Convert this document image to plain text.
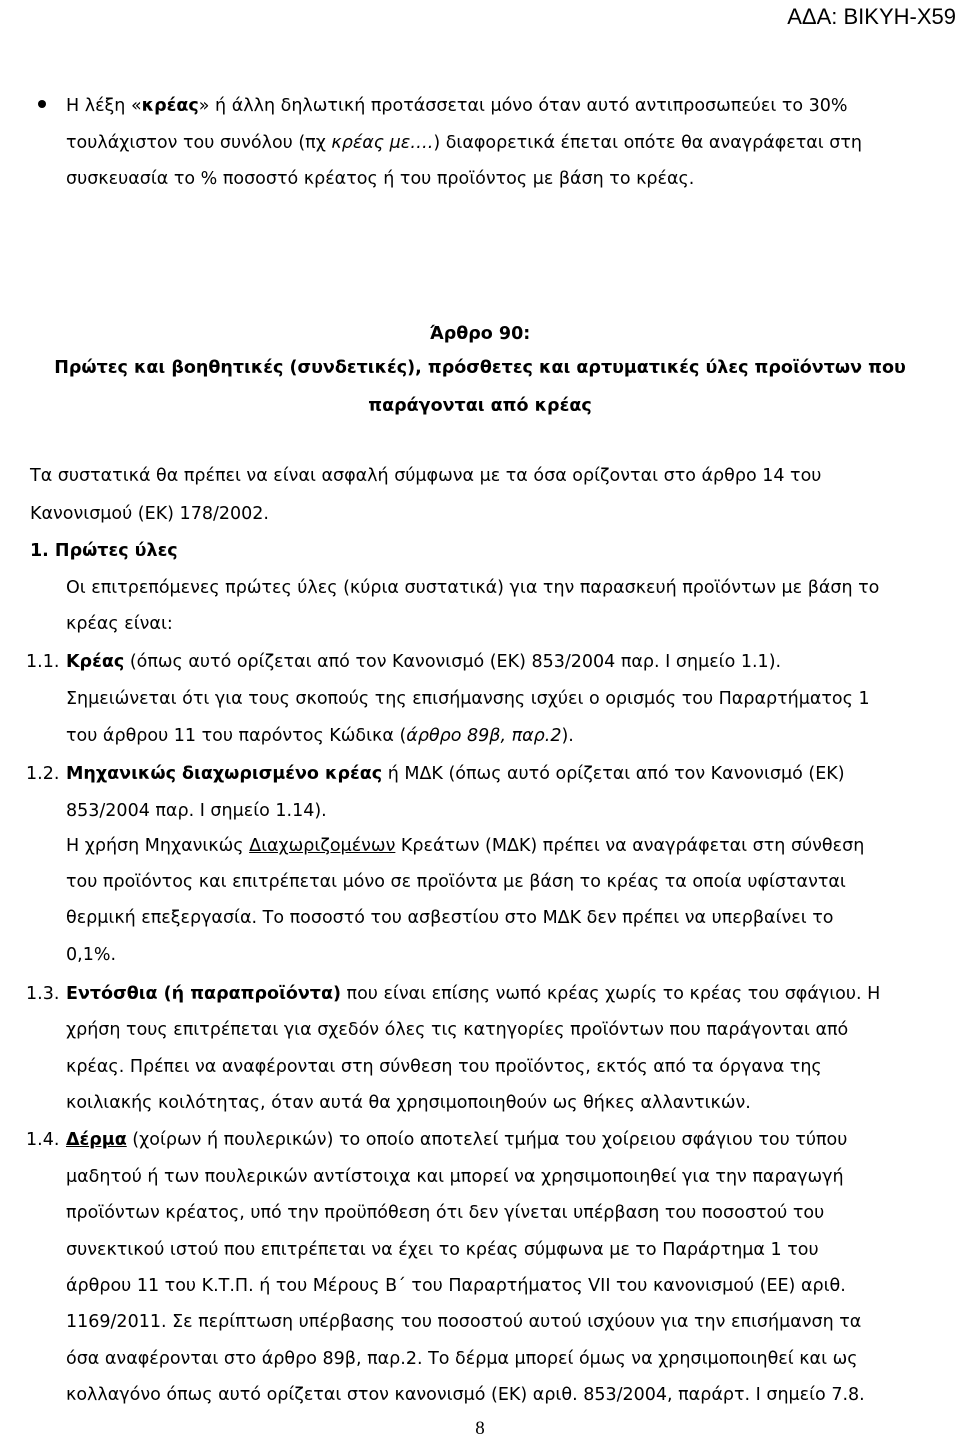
ΑΔΑ: ΒΙΚΥΗ-Χ59
Η λέξη «κρέας» ή άλλη δηλωτική προτάσσεται μόνο όταν αυτό αντιπροσωπεύει το 30%
τουλάχιστον του συνόλου (πχ κρέας με….) διαφορετικά έπεται οπότε θα αναγράφεται στη
συσκευασία το % ποσοστό κρέατος ή του προϊόντος με βάση το κρέας.
Άρθρο 90:
Πρώτες και βοηθητικές (συνδετικές), πρόσθετες και αρτυματικές ύλες προϊόντων που
παράγονται από κρέας
Τα συστατικά θα πρέπει να είναι ασφαλή σύμφωνα με τα όσα ορίζονται στο άρθρο 14 του
Κανονισμού (ΕΚ) 178/2002.
1. Πρώτες ύλες
Οι επιτρεπόμενες πρώτες ύλες (κύρια συστατικά) για την παρασκευή προϊόντων με βάση το
κρέας είναι:
1.1. Κρέας (όπως αυτό ορίζεται από τον Κανονισμό (ΕΚ) 853/2004 παρ. Ι σημείο 1.1).
Σημειώνεται ότι για τους σκοπούς της επισήμανσης ισχύει ο ορισμός του Παραρτήματος 1
του άρθρου 11 του παρόντος Κώδικα (άρθρο 89β, παρ.2).
1.2. Μηχανικώς διαχωρισμένο κρέας ή ΜΔΚ (όπως αυτό ορίζεται από τον Κανονισμό (ΕΚ)
853/2004 παρ. Ι σημείο 1.14).
Η χρήση Μηχανικώς Διαχωριζομένων Κρεάτων (ΜΔΚ) πρέπει να αναγράφεται στη σύνθεση
του προϊόντος και επιτρέπεται μόνο σε προϊόντα με βάση το κρέας τα οποία υφίστανται
θερμική επεξεργασία. Το ποσοστό του ασβεστίου στο ΜΔΚ δεν πρέπει να υπερβαίνει το
0,1%.
1.3. Εντόσθια (ή παραπροϊόντα) που είναι επίσης νωπό κρέας χωρίς το κρέας του σφάγιου. Η
χρήση τους επιτρέπεται για σχεδόν όλες τις κατηγορίες προϊόντων που παράγονται από
κρέας. Πρέπει να αναφέρονται στη σύνθεση του προϊόντος, εκτός από τα όργανα της
κοιλιακής κοιλότητας, όταν αυτά θα χρησιμοποιηθούν ως θήκες αλλαντικών.
1.4. Δέρμα (χοίρων ή πουλερικών) το οποίο αποτελεί τμήμα του χοίρειου σφάγιου του τύπου
μαδητού ή των πουλερικών αντίστοιχα και μπορεί να χρησιμοποιηθεί για την παραγωγή
προϊόντων κρέατος, υπό την προϋπόθεση ότι δεν γίνεται υπέρβαση του ποσοστού του
συνεκτικού ιστού που επιτρέπεται να έχει το κρέας σύμφωνα με το Παράρτημα 1 του
άρθρου 11 του Κ.Τ.Π. ή του Μέρους Β΄ του Παραρτήματος VII του κανονισμού (ΕΕ) αριθ.
1169/2011. Σε περίπτωση υπέρβασης του ποσοστού αυτού ισχύουν για την επισήμανση τα
όσα αναφέρονται στο άρθρο 89β, παρ.2. Το δέρμα μπορεί όμως να χρησιμοποιηθεί και ως
κολλαγόνο όπως αυτό ορίζεται στον κανονισμό (ΕΚ) αριθ. 853/2004, παράρτ. Ι σημείο 7.8.
8
